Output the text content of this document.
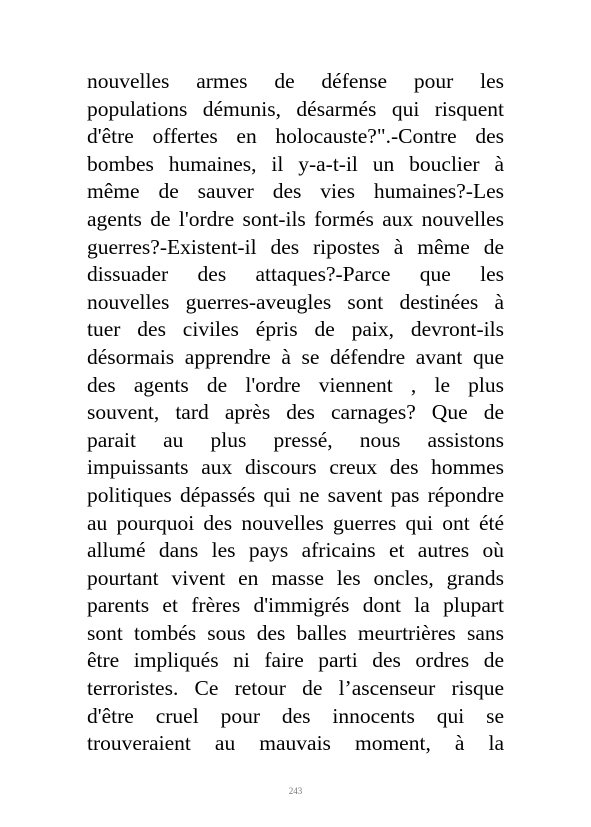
nouvelles armes de défense pour les
populations démunis, désarmés qui risquent
d'être offertes en holocauste?".-Contre des
bombes humaines, il y-a-t-il un bouclier à
même de sauver des vies humaines?-Les
agents de l'ordre sont-ils formés aux nouvelles
guerres?-Existent-il des ripostes à même de
dissuader des attaques?-Parce que les
nouvelles guerres-aveugles sont destinées à
tuer des civiles épris de paix, devront-ils
désormais apprendre à se défendre avant que
des agents de l'ordre viennent , le plus
souvent, tard après des carnages? Que de
parait au plus pressé, nous assistons
impuissants aux discours creux des hommes
politiques dépassés qui ne savent pas répondre
au pourquoi des nouvelles guerres qui ont été
allumé dans les pays africains et autres où
pourtant vivent en masse les oncles, grands
parents et frères d'immigrés dont la plupart
sont tombés sous des balles meurtrières sans
être impliqués ni faire parti des ordres de
terroristes. Ce retour de l’ascenseur risque
d'être cruel pour des innocents qui se
trouveraient au mauvais moment, à la
243
